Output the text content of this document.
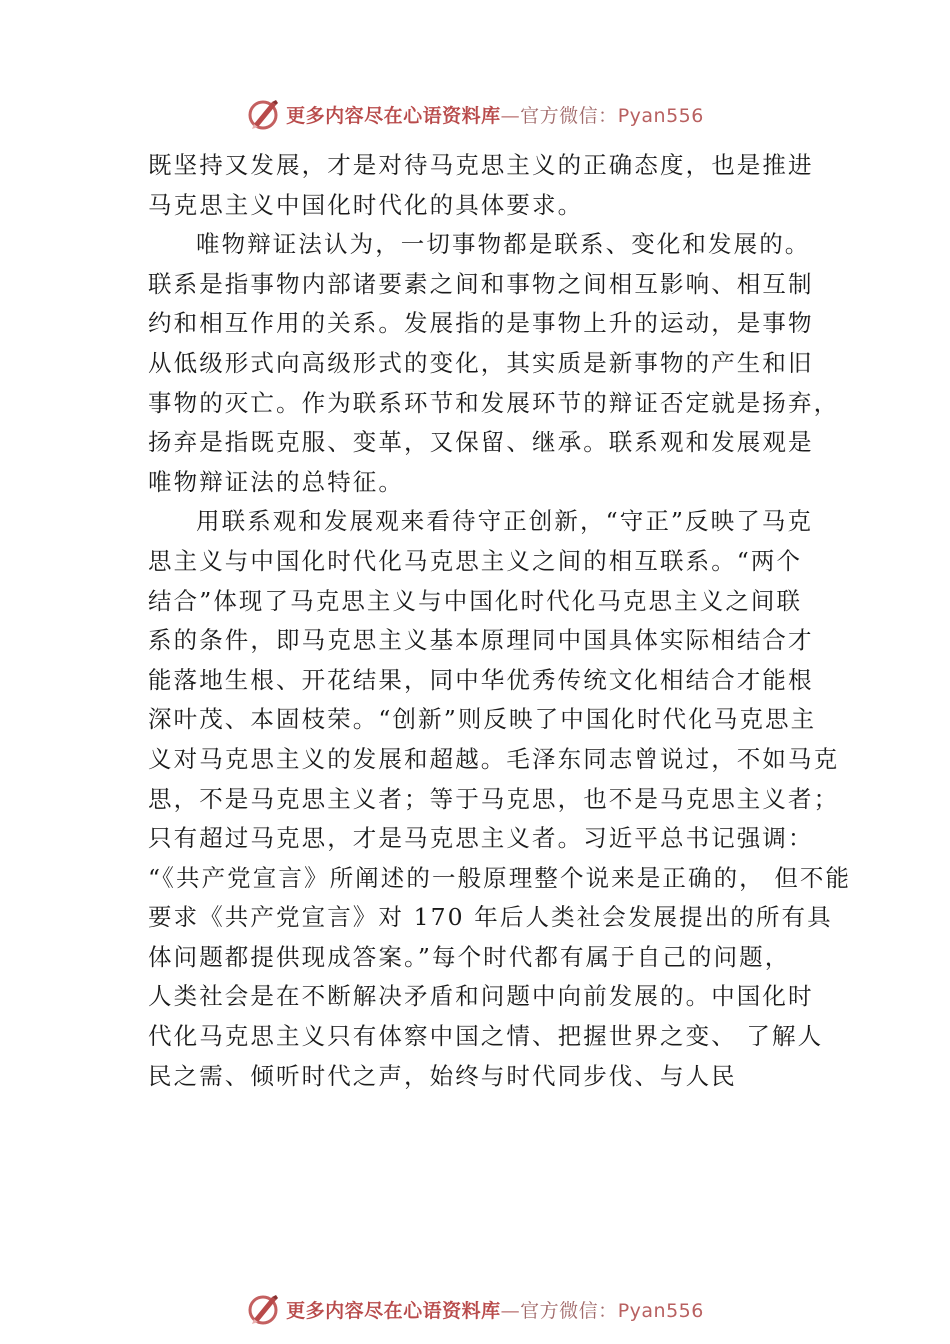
更多内容尽在心语资料库—官方微信：Pyan556
既坚持又发展，才是对待马克思主义的正确态度，也是推进
马克思主义中国化时代化的具体要求。
唯物辩证法认为，一切事物都是联系、变化和发展的。
联系是指事物内部诸要素之间和事物之间相互影响、相互制
约和相互作用的关系。发展指的是事物上升的运动，是事物
从低级形式向高级形式的变化，其实质是新事物的产生和旧
事物的灭亡。作为联系环节和发展环节的辩证否定就是扬弃，
扬弃是指既克服、变革，又保留、继承。联系观和发展观是
唯物辩证法的总特征。
用联系观和发展观来看待守正创新，“守正”反映了马克
思主义与中国化时代化马克思主义之间的相互联系。“两个
结合”体现了马克思主义与中国化时代化马克思主义之间联
系的条件，即马克思主义基本原理同中国具体实际相结合才
能落地生根、开花结果，同中华优秀传统文化相结合才能根
深叶茂、本固枝荣。“创新”则反映了中国化时代化马克思主
义对马克思主义的发展和超越。毛泽东同志曾说过，不如马克
思，不是马克思主义者；等于马克思，也不是马克思主义者；
只有超过马克思，才是马克思主义者。习近平总书记强调：
“《共产党宣言》所阐述的一般原理整个说来是正确的， 但不能
要求《共产党宣言》对 170 年后人类社会发展提出的所有具
体问题都提供现成答案。”每个时代都有属于自己的问题，
人类社会是在不断解决矛盾和问题中向前发展的。中国化时
代化马克思主义只有体察中国之情、把握世界之变、 了解人
民之需、倾听时代之声，始终与时代同步伐、与人民
更多内容尽在心语资料库—官方微信：Pyan556
